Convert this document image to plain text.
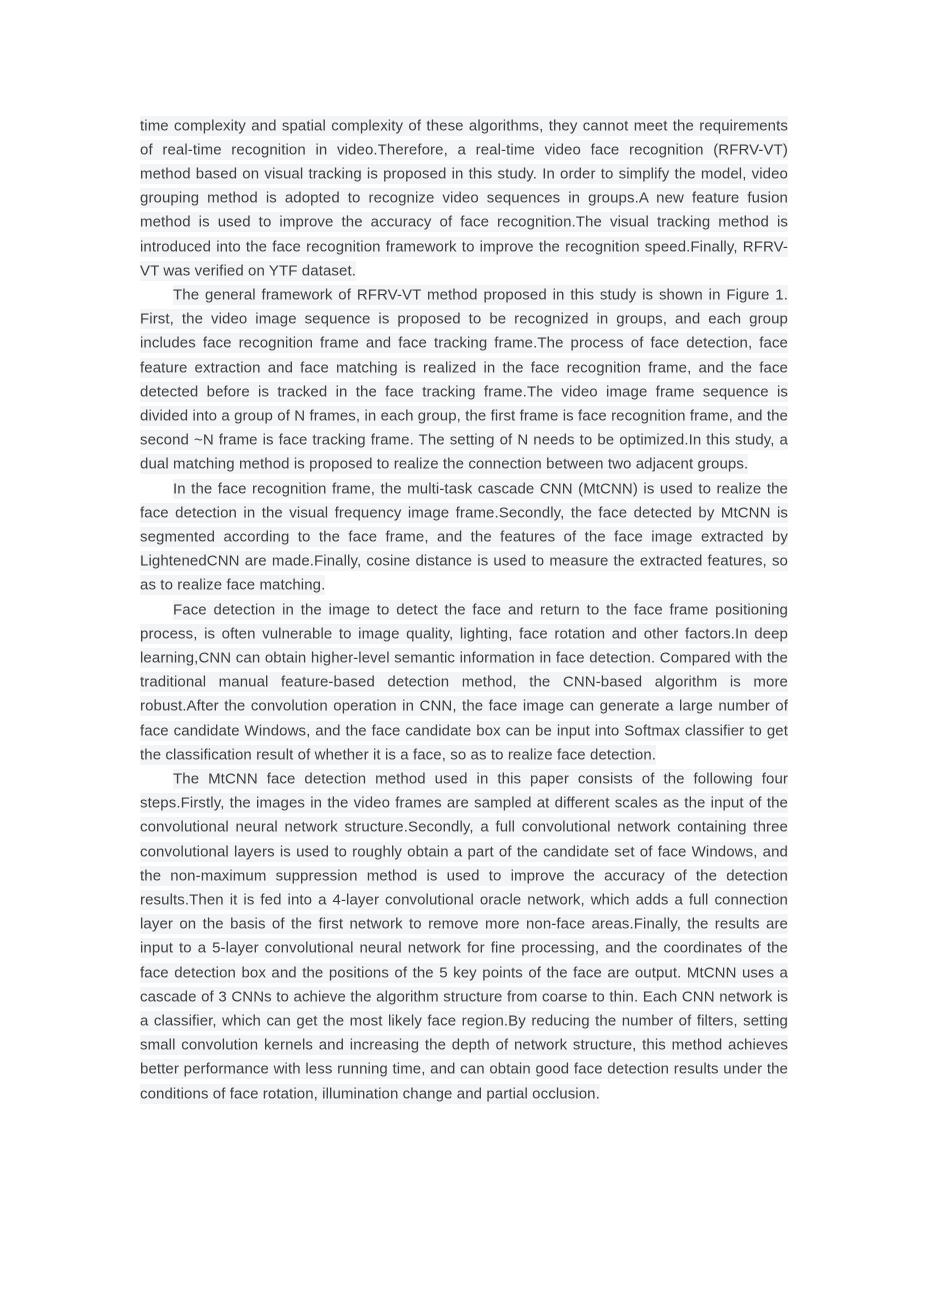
time complexity and spatial complexity of these algorithms, they cannot meet the requirements of real-time recognition in video.Therefore, a real-time video face recognition (RFRV-VT) method based on visual tracking is proposed in this study. In order to simplify the model, video grouping method is adopted to recognize video sequences in groups.A new feature fusion method is used to improve the accuracy of face recognition.The visual tracking method is introduced into the face recognition framework to improve the recognition speed.Finally, RFRV-VT was verified on YTF dataset.

The general framework of RFRV-VT method proposed in this study is shown in Figure 1. First, the video image sequence is proposed to be recognized in groups, and each group includes face recognition frame and face tracking frame.The process of face detection, face feature extraction and face matching is realized in the face recognition frame, and the face detected before is tracked in the face tracking frame.The video image frame sequence is divided into a group of N frames, in each group, the first frame is face recognition frame, and the second ~N frame is face tracking frame. The setting of N needs to be optimized.In this study, a dual matching method is proposed to realize the connection between two adjacent groups.

In the face recognition frame, the multi-task cascade CNN (MtCNN) is used to realize the face detection in the visual frequency image frame.Secondly, the face detected by MtCNN is segmented according to the face frame, and the features of the face image extracted by LightenedCNN are made.Finally, cosine distance is used to measure the extracted features, so as to realize face matching.

Face detection in the image to detect the face and return to the face frame positioning process, is often vulnerable to image quality, lighting, face rotation and other factors.In deep learning,CNN can obtain higher-level semantic information in face detection. Compared with the traditional manual feature-based detection method, the CNN-based algorithm is more robust.After the convolution operation in CNN, the face image can generate a large number of face candidate Windows, and the face candidate box can be input into Softmax classifier to get the classification result of whether it is a face, so as to realize face detection.

The MtCNN face detection method used in this paper consists of the following four steps.Firstly, the images in the video frames are sampled at different scales as the input of the convolutional neural network structure.Secondly, a full convolutional network containing three convolutional layers is used to roughly obtain a part of the candidate set of face Windows, and the non-maximum suppression method is used to improve the accuracy of the detection results.Then it is fed into a 4-layer convolutional oracle network, which adds a full connection layer on the basis of the first network to remove more non-face areas.Finally, the results are input to a 5-layer convolutional neural network for fine processing, and the coordinates of the face detection box and the positions of the 5 key points of the face are output. MtCNN uses a cascade of 3 CNNs to achieve the algorithm structure from coarse to thin. Each CNN network is a classifier, which can get the most likely face region.By reducing the number of filters, setting small convolution kernels and increasing the depth of network structure, this method achieves better performance with less running time, and can obtain good face detection results under the conditions of face rotation, illumination change and partial occlusion.
